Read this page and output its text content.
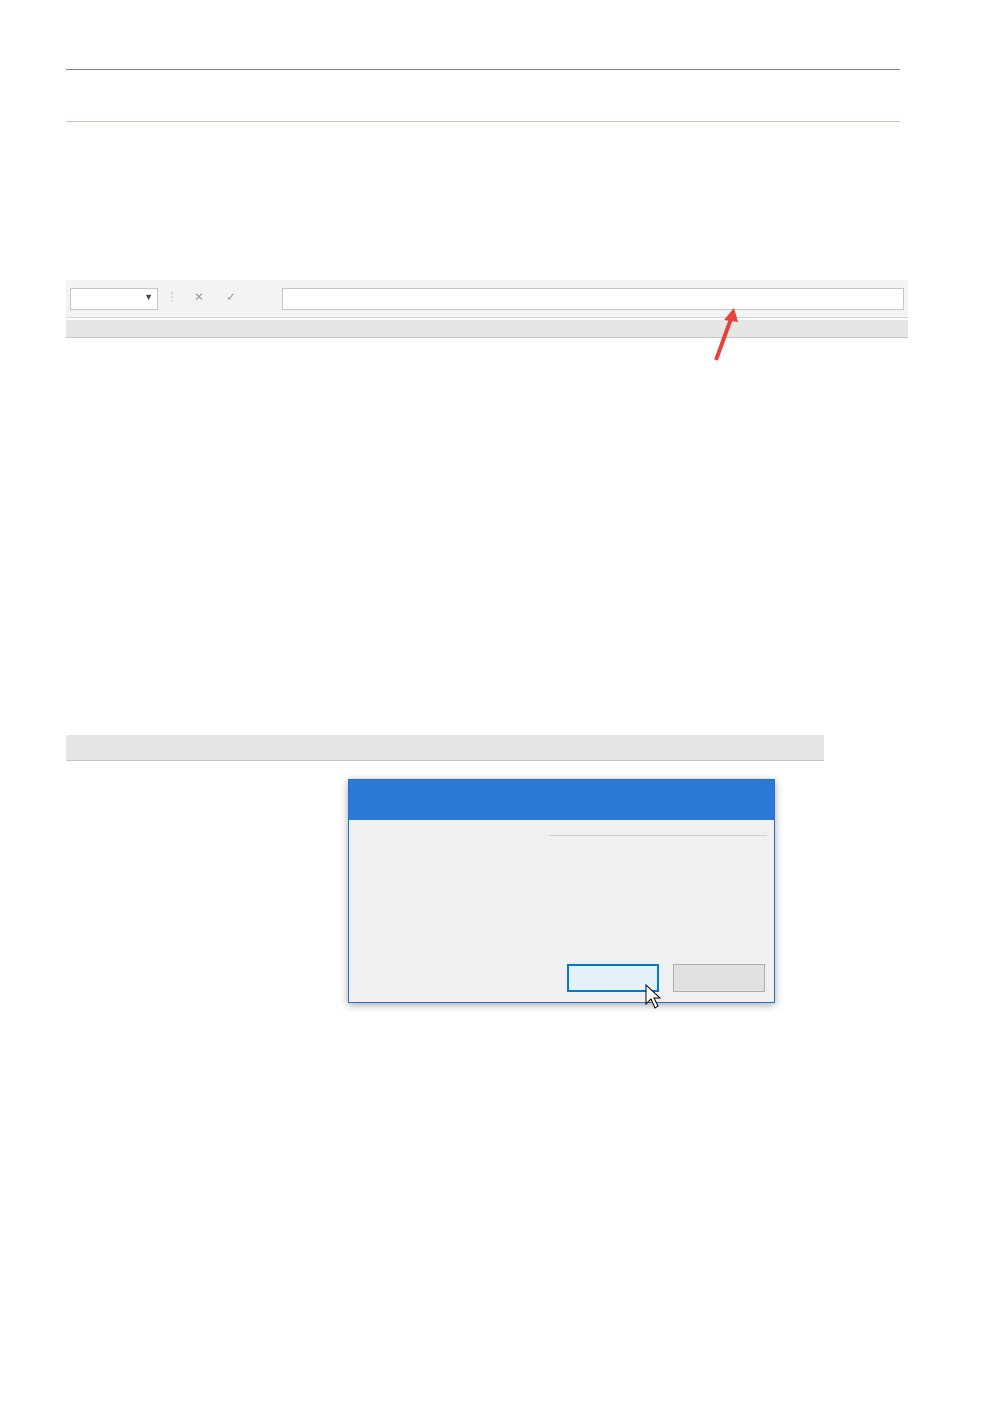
▼ ⋮ ✕ ✓
